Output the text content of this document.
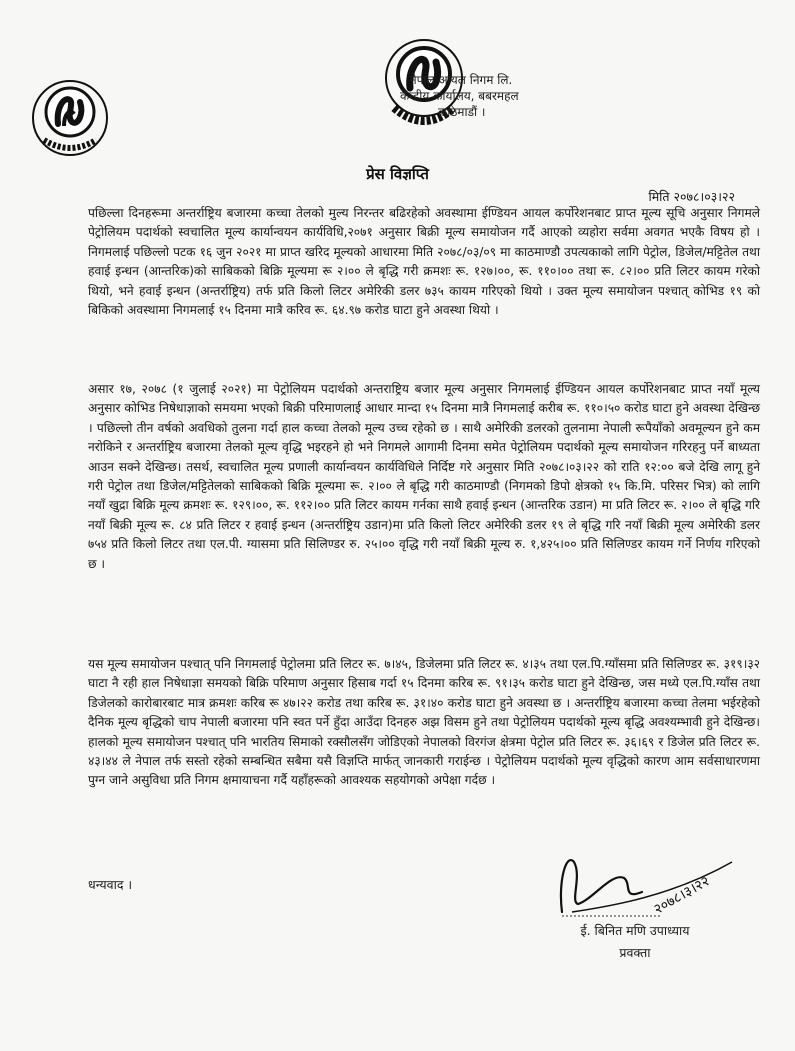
नेपाल आयल निगम लि.
केन्द्रीय कार्यालय, बबरमहल
काठमाडौं ।
प्रेस विज्ञप्ति
मिति २०७८।०३।२२
पछिल्ला दिनहरूमा अन्तर्राष्ट्रिय बजारमा कच्चा तेलको मुल्य निरन्तर बढिरहेको अवस्थामा ईण्डियन आयल कर्पोरेशनबाट प्राप्त मूल्य सूचि अनुसार निगमले पेट्रोलियम पदार्थको स्वचालित मूल्य कार्यान्वयन कार्यविधि,२०७१ अनुसार बिक्री मूल्य समायोजन गर्दै आएको व्यहोरा सर्वमा अवगत भएकै विषय हो । निगमलाई पछिल्लो पटक १६ जुन २०२१ मा प्राप्त खरिद मूल्यको आधारमा मिति २०७८/०३/०९ मा काठमाण्डौ उपत्यकाको लागि पेट्रोल, डिजेल/मट्टितेल तथा हवाई इन्धन (आन्तरिक)को साबिकको बिक्रि मूल्यमा रू २।०० ले बृद्धि गरी क्रमशः रू. १२७।००, रू. ११०।०० तथा रू. ८२।०० प्रति लिटर कायम गरेको थियो, भने हवाई इन्धन (अन्तर्राष्ट्रिय) तर्फ प्रति किलो लिटर अमेरिकी डलर ७३५ कायम गरिएको थियो । उक्त मूल्य समायोजन पश्चात् कोभिड १९ को बिकिको अवस्थामा निगमलाई १५ दिनमा मात्रै करिव रू. ६४.९७ करोड घाटा हुने अवस्था थियो ।
असार १७, २०७८ (१ जुलाई २०२१) मा पेट्रोलियम पदार्थको अन्तराष्ट्रिय बजार मूल्य अनुसार निगमलाई ईण्डियन आयल कर्पोरेशनबाट प्राप्त नयाँ मूल्य अनुसार कोभिड निषेधाज्ञाको समयमा भएको बिक्री परिमाणलाई आधार मान्दा १५ दिनमा मात्रै निगमलाई करीब रू. ११०।५० करोड घाटा हुने अवस्था देखिन्छ । पछिल्लो तीन वर्षको अवधिको तुलना गर्दा हाल कच्चा तेलको मूल्य उच्च रहेको छ । साथै अमेरिकी डलरको तुलनामा नेपाली रूपैयाँको अवमूल्यन हुने कम नरोकिने र अन्तर्राष्ट्रिय बजारमा तेलको मूल्य वृद्धि भइरहने हो भने निगमले आगामी दिनमा समेत पेट्रोलियम पदार्थको मूल्य समायोजन गरिरहनु पर्ने बाध्यता आउन सक्ने देखिन्छ। तसर्थ, स्वचालित मूल्य प्रणाली कार्यान्वयन कार्यविधिले निर्दिष्ट गरे अनुसार मिति २०७८।०३।२२ को राति १२:०० बजे देखि लागू हुने गरी पेट्रोल तथा डिजेल/मट्टितेलको साबिकको बिक्रि मूल्यमा रू. २।०० ले बृद्धि गरी काठमाण्डौ (निगमको डिपो क्षेत्रको १५ कि.मि. परिसर भित्र) को लागि नयाँ खुद्रा बिक्रि मूल्य क्रमशः रू. १२९।००, रू. ११२।०० प्रति लिटर कायम गर्नका साथै हवाई इन्धन (आन्तरिक उडान) मा प्रति लिटर रू. २।०० ले बृद्धि गरि नयाँ बिक्री मूल्य रू. ८४ प्रति लिटर र हवाई इन्धन (अन्तर्राष्ट्रिय उडान)मा प्रति किलो लिटर अमेरिकी डलर १९ ले बृद्धि गरि नयाँ बिक्री मूल्य अमेरिकी डलर ७५४ प्रति किलो लिटर तथा एल.पी. ग्यासमा प्रति सिलिण्डर रु. २५।०० वृद्धि गरी नयाँ बिक्री मूल्य रु. १,४२५।०० प्रति सिलिण्डर कायम गर्ने निर्णय गरिएको छ ।
यस मूल्य समायोजन पश्चात् पनि निगमलाई पेट्रोलमा प्रति लिटर रू. ७।४५, डिजेलमा प्रति लिटर रू. ४।३५ तथा एल.पि.ग्याँसमा प्रति सिलिण्डर रू. ३१९।३२ घाटा नै रही हाल निषेधाज्ञा समयको बिक्रि परिमाण अनुसार हिसाब गर्दा १५ दिनमा करिब रू. ९१।३५ करोड घाटा हुने देखिन्छ, जस मध्ये एल.पि.ग्याँस तथा डिजेलको कारोबारबाट मात्र क्रमशः करिब रू ४७।२२ करोड तथा करिब रू. ३१।४० करोड घाटा हुने अवस्था छ । अन्तर्राष्ट्रिय बजारमा कच्चा तेलमा भईरहेको दैनिक मूल्य बृद्धिको चाप नेपाली बजारमा पनि स्वत पर्ने हुँदा आउँदा दिनहरु अझ विसम हुने तथा पेट्रोलियम पदार्थको मूल्य बृद्धि अवश्यम्भावी हुने देखिन्छ। हालको मूल्य समायोजन पश्चात् पनि भारतिय सिमाको रक्सौलसँग जोडिएको नेपालको विरगंज क्षेत्रमा पेट्रोल प्रति लिटर रू. ३६।६९ र डिजेल प्रति लिटर रू. ४३।४४ ले नेपाल तर्फ सस्तो रहेको सम्बन्धित सबैमा यसै विज्ञप्ति मार्फत् जानकारी गराईन्छ । पेट्रोलियम पदार्थको मूल्य वृद्धिको कारण आम सर्वसाधारणमा पुग्न जाने असुविधा प्रति निगम क्षमायाचना गर्दै यहाँहरूको आवश्यक सहयोगको अपेक्षा गर्दछ ।
धन्यवाद ।	२०७८।३।२२
ई. बिनित मणि उपाध्याय
प्रवक्ता
